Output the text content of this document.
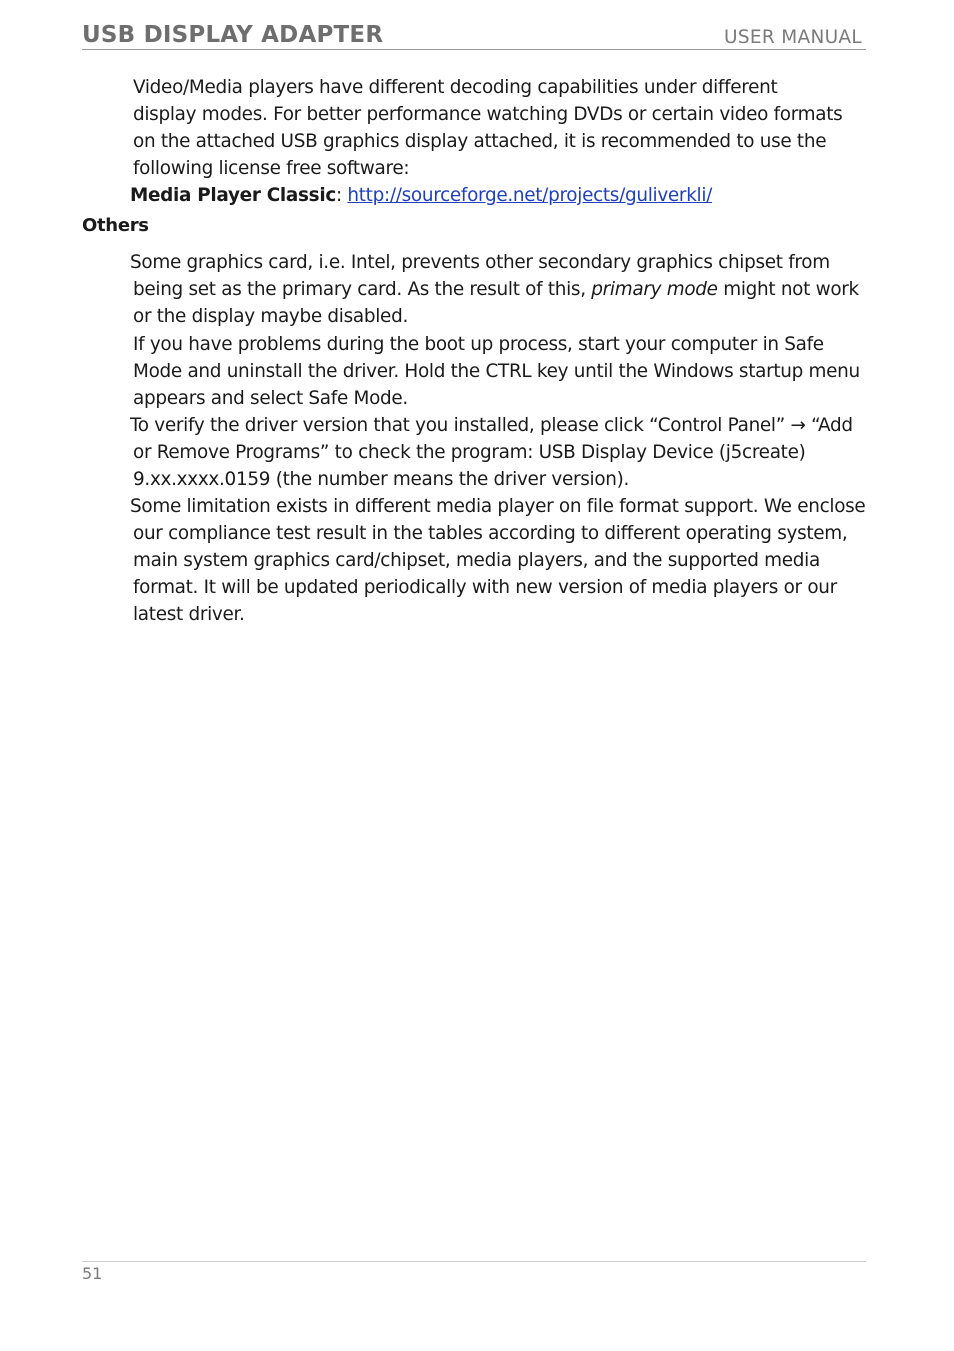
USB DISPLAY ADAPTER	USER MANUAL
Video/Media players have different decoding capabilities under different
display modes. For better performance watching DVDs or certain video formats
on the attached USB graphics display attached, it is recommended to use the
following license free software:
Media Player Classic: http://sourceforge.net/projects/guliverkli/
Others
Some graphics card, i.e. Intel, prevents other secondary graphics chipset from
being set as the primary card. As the result of this, primary mode might not work
or the display maybe disabled.
If you have problems during the boot up process, start your computer in Safe
Mode and uninstall the driver. Hold the CTRL key until the Windows startup menu
appears and select Safe Mode.
To verify the driver version that you installed, please click “Control Panel” → “Add
or Remove Programs” to check the program: USB Display Device (j5create)
9.xx.xxxx.0159 (the number means the driver version).
Some limitation exists in different media player on file format support. We enclose
our compliance test result in the tables according to different operating system,
main system graphics card/chipset, media players, and the supported media
format. It will be updated periodically with new version of media players or our
latest driver.
51
